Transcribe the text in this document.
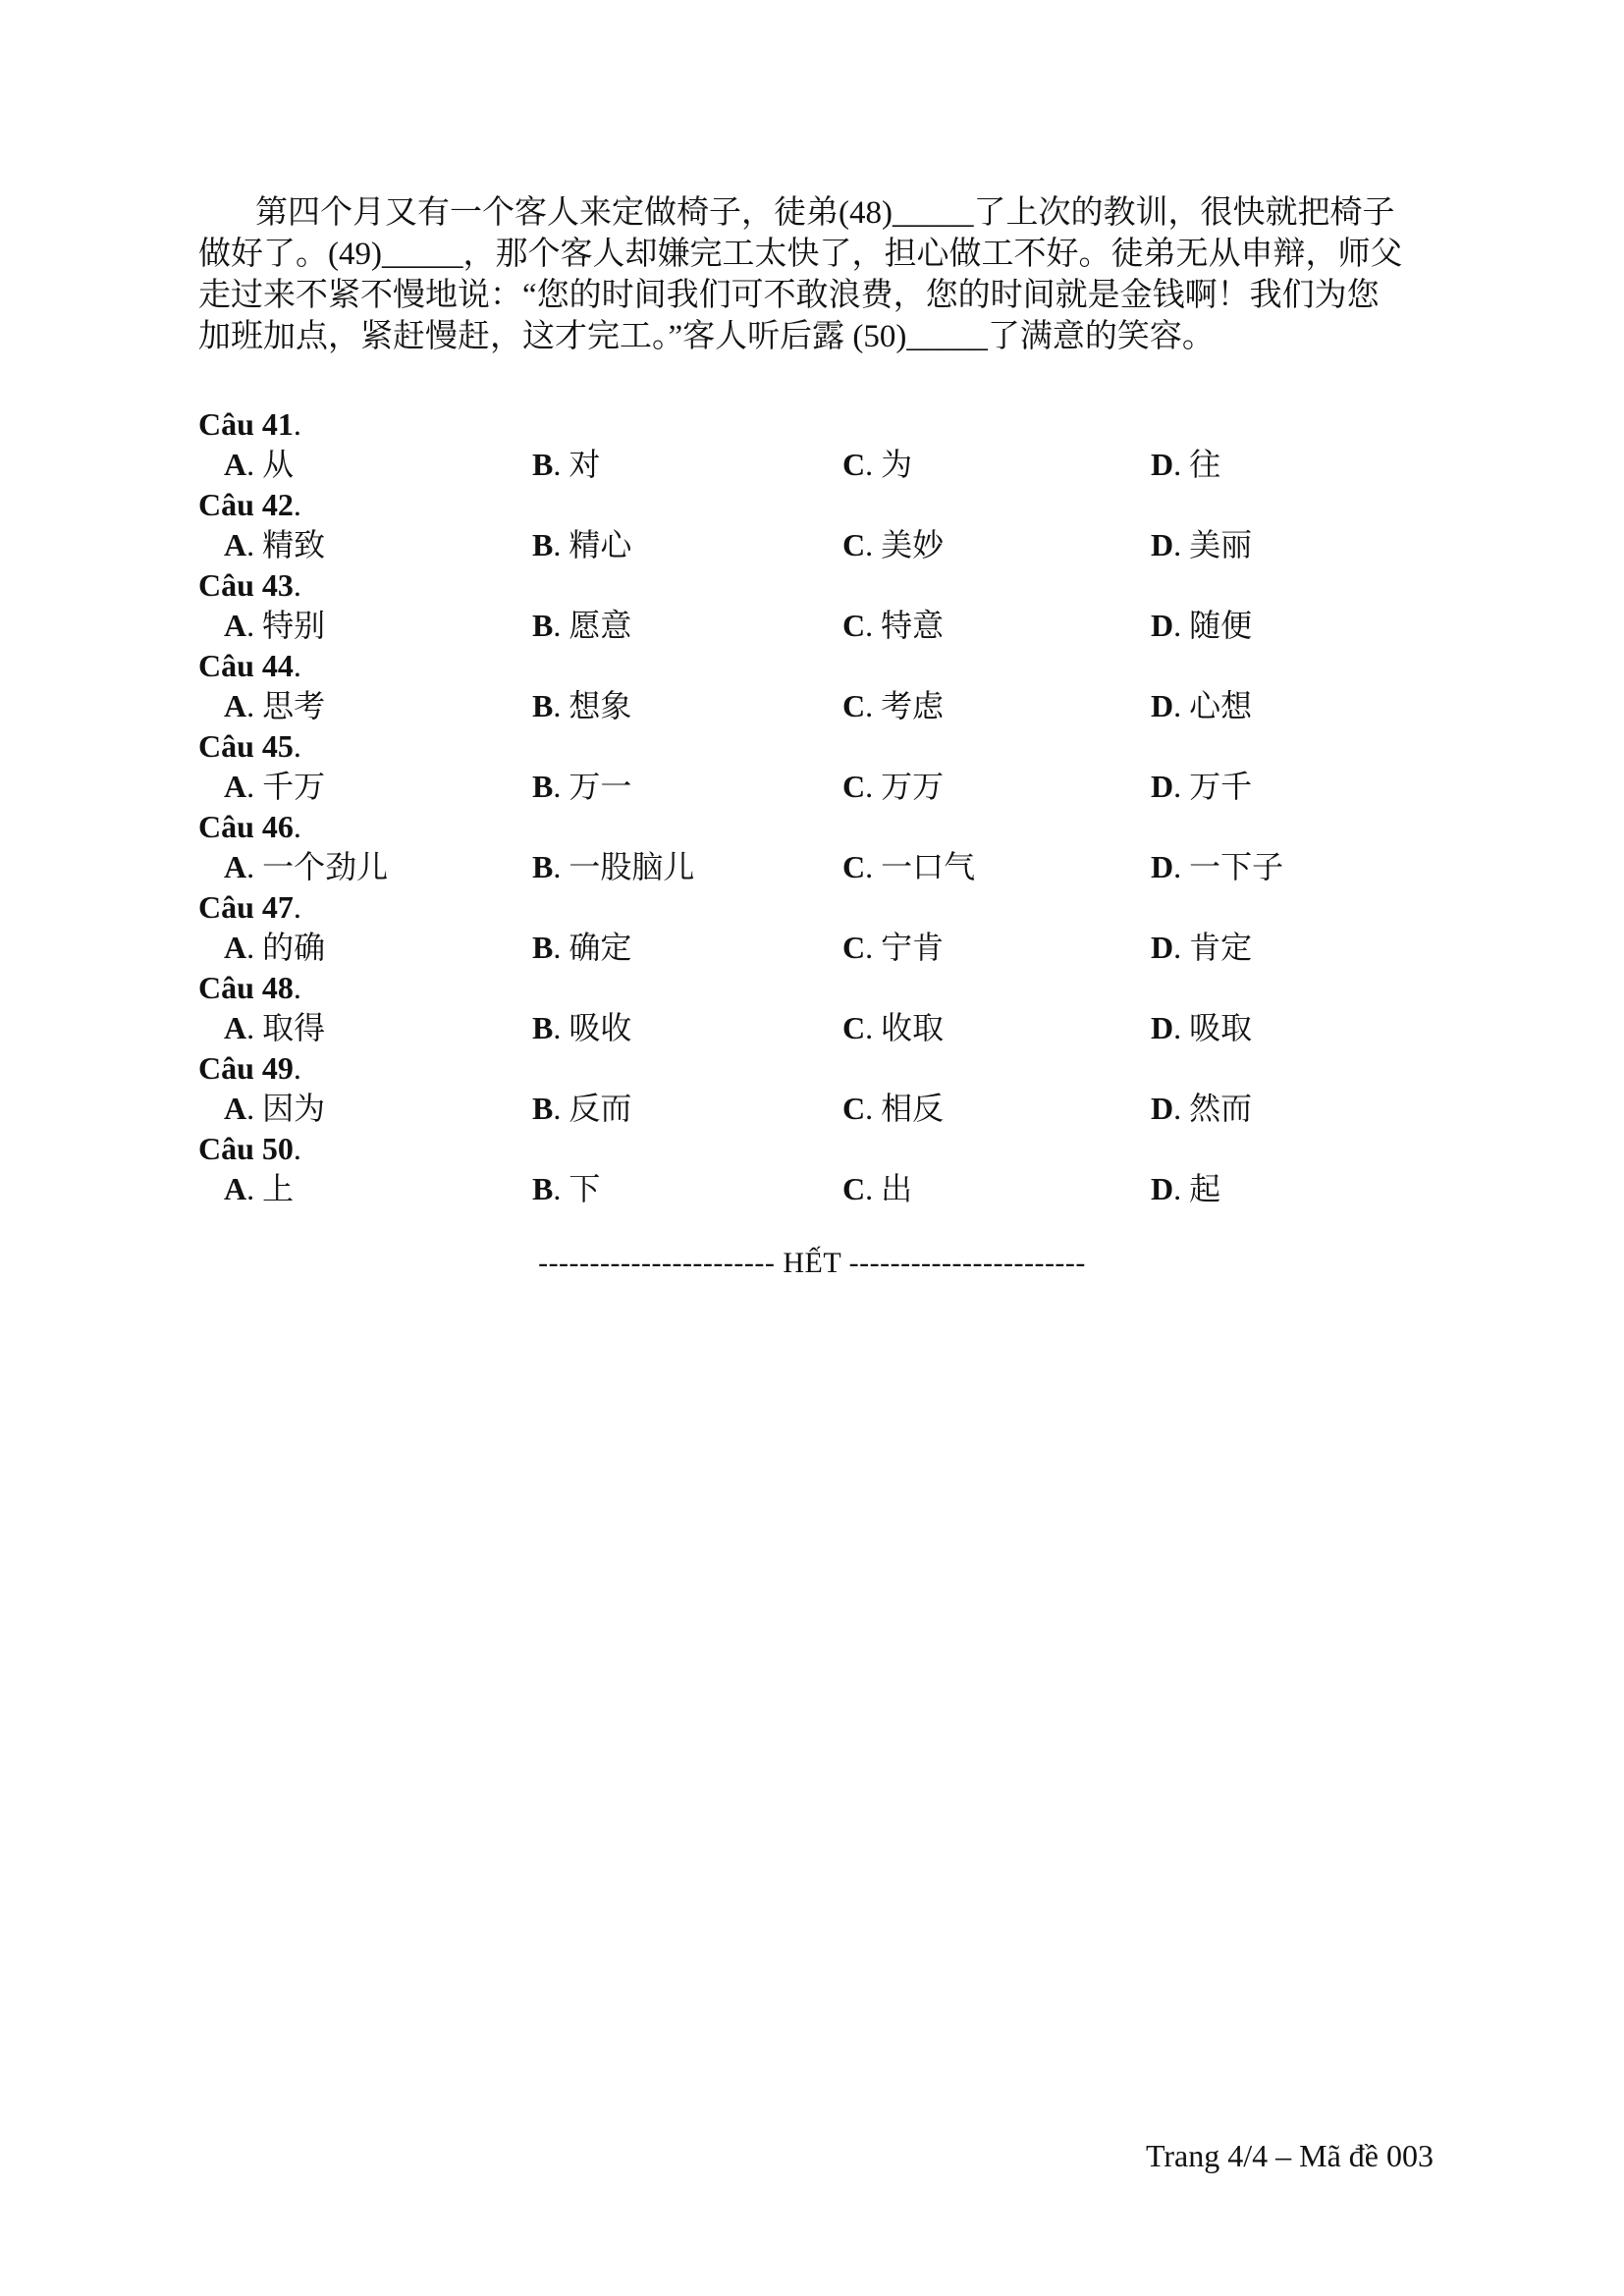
第四个月又有一个客人来定做椅子，徒弟(48)_____了上次的教训，很快就把椅子

做好了。(49)_____，那个客人却嫌完工太快了，担心做工不好。徒弟无从申辩，师父

走过来不紧不慢地说：“您的时间我们可不敢浪费，您的时间就是金钱啊！我们为您

加班加点，紧赶慢赶，这才完工。”客人听后露 (50)_____了满意的笑容。

Câu 41.
A. 从	B. 对	C. 为	D. 往
Câu 42.
A. 精致	B. 精心	C. 美妙	D. 美丽
Câu 43.
A. 特别	B. 愿意	C. 特意	D. 随便
Câu 44.
A. 思考	B. 想象	C. 考虑	D. 心想
Câu 45.
A. 千万	B. 万一	C. 万万	D. 万千
Câu 46.
A. 一个劲儿	B. 一股脑儿	C. 一口气	D. 一下子
Câu 47.
A. 的确	B. 确定	C. 宁肯	D. 肯定
Câu 48.
A. 取得	B. 吸收	C. 收取	D. 吸取
Câu 49.
A. 因为	B. 反而	C. 相反	D. 然而
Câu 50.
A. 上	B. 下	C. 出	D. 起
----------------------- HẾT -----------------------
Trang 4/4 – Mã đề 003
